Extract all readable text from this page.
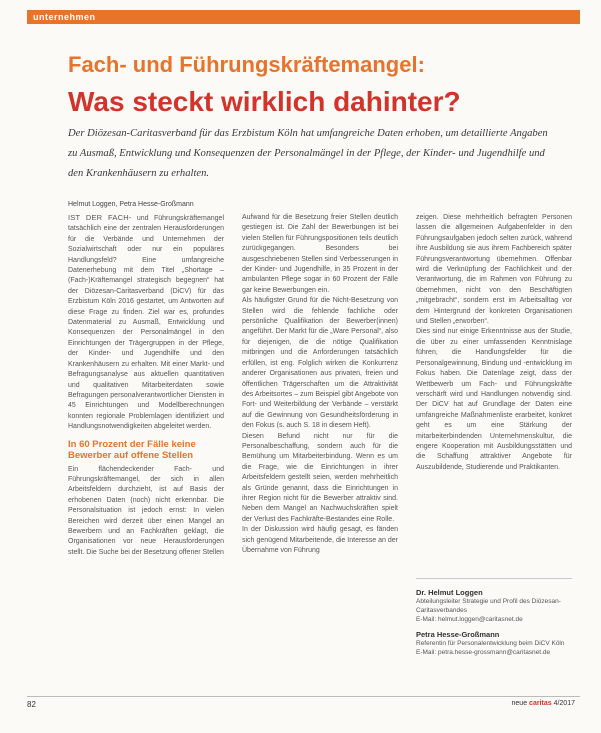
unternehmen
Fach- und Führungskräftemangel:
Was steckt wirklich dahinter?
Der Diözesan-Caritasverband für das Erzbistum Köln hat umfangreiche Daten erhoben, um detaillierte Angaben zu Ausmaß, Entwicklung und Konsequenzen der Personalmängel in der Pflege, der Kinder- und Jugendhilfe und den Krankenhäusern zu erhalten.
Helmut Loggen, Petra Hesse-Großmann

IST DER FACH- und Führungskräftemangel tatsächlich eine der zentralen Herausforderungen für die Verbände und Unternehmen der Sozialwirtschaft oder nur ein populäres Handlungsfeld? Eine umfangreiche Datenerhebung mit dem Titel „Shortage – (Fach-)Kräftemangel strategisch begegnen“ hat der Diözesan-Caritasverband (DiCV) für das Erzbistum Köln 2016 gestartet, um Antworten auf diese Frage zu finden. Ziel war es, profundes Datenmaterial zu Ausmaß, Entwicklung und Konsequenzen der Personalmängel in den Einrichtungen der Trägergruppen in der Pflege, der Kinder- und Jugendhilfe und den Krankenhäusern zu erhalten. Mit einer Markt- und Befragungsanalyse aus aktuellen quantitativen und qualitativen Mitarbeiterdaten sowie Befragungen personalverantwortlicher Diensten in 45 Einrichtungen und Modellberechnungen konnten regionale Problemlagen identifiziert und Handlungsnotwendigkeiten abgeleitet werden.

In 60 Prozent der Fälle keine Bewerber auf offene Stellen

Ein flächendeckender Fach- und Führungskräftemangel, der sich in allen Arbeitsfeldern durchzieht, ist auf Basis der erhobenen Daten (noch) nicht erkennbar. Die Personalsituation ist jedoch ernst: In vielen Bereichen wird derzeit über einen Mangel an Bewerbern und an Fachkräften geklagt, die Organisationen vor neue Herausforderungen stellt. Die Suche bei der Besetzung offener Stellen

Aufwand für die Besetzung freier Stellen deutlich gestiegen ist. Die Zahl der Bewerbungen ist bei vielen Stellen für Führungspositionen teils deutlich zurückgegangen. Besonders bei ausgeschriebenen Stellen sind Verbesserungen in der Kinder- und Jugendhilfe, in 35 Prozent in der ambulanten Pflege sogar in 60 Prozent der Fälle gar keine Bewerbungen ein.

Als häufigster Grund für die Nicht-Besetzung von Stellen wird die fehlende fachliche oder persönliche Qualifikation der Bewerber(innen) angeführt. Der Markt für die „Ware Personal“, also für diejenigen, die die nötige Qualifikation mitbringen und die Anforderungen tatsächlich erfüllen, ist eng. Folglich wirken die Konkurrenz anderer Organisationen aus privaten, freien und öffentlichen Trägerschaften um die Attraktivität des Arbeitsortes – zum Beispiel gibt Angebote von Fort- und Weiterbildung der Verbände – verstärkt auf die Gewinnung von Gesundheitsförderung in den Fokus (s. auch S. 18 in diesem Heft).

Diesen Befund nicht nur für die Personalbeschaffung, sondern auch für die Bemühung um Mitarbeiterbindung. Wenn es um die Frage, wie die Einrichtungen in ihrer Arbeitsfeldern gestellt seien, werden mehrheitlich als Gründe genannt, dass die Einrichtungen in ihrer Region nicht für die Bewerber attraktiv sind. Neben dem Mangel an Nachwuchskräften spielt der Verlust des Fachkräfte-Bestandes eine Rolle.

In der Diskussion wird häufig gesagt, es fänden sich genügend Mitarbeitende, die Interesse an der Übernahme von Führung

zeigen. Diese mehrheitlich befragten Personen lassen die allgemeinen Aufgabenfelder in den Führungsaufgaben jedoch selten zurück, während ihre Ausbildung sie aus ihrem Fachbereich später Führungsverantwortung übernehmen. Offenbar wird die Verknüpfung der Fachlichkeit und der Verantwortung, die im Rahmen von Führung zu übernehmen, nicht von den Beschäftigten „mitgebracht“, sondern erst im Arbeitsalltag vor dem Hintergrund der konkreten Organisationen und Stellen „erworben“.

Dies sind nur einige Erkenntnisse aus der Studie, die über zu einer umfassenden Kenntnislage führen, die Handlungsfelder für die Personalgewinnung, Bindung und -entwicklung im Fokus haben. Die Datenlage zeigt, dass der Wettbewerb um Fach- und Führungskräfte verschärft wird und Handlungen notwendig sind. Der DiCV hat auf Grundlage der Daten eine umfangreiche Maßnahmenliste erarbeitet, konkret geht es um eine Stärkung der mitarbeiterbindenden Unternehmenskultur, die engere Kooperation mit Ausbildungsstätten und die Schaffung attraktiver Angebote für Auszubildende, Studierende und Praktikanten.

Dr. Helmut Loggen
Abteilungsleiter Strategie und Profil des Diözesan-Caritasverbandes
E-Mail: helmut.loggen@caritasnet.de
Petra Hesse-Großmann
Referentin für Personalentwicklung beim DiCV Köln
E-Mail: petra.hesse-grossmann@caritasnet.de
82	neue caritas 4/2017
